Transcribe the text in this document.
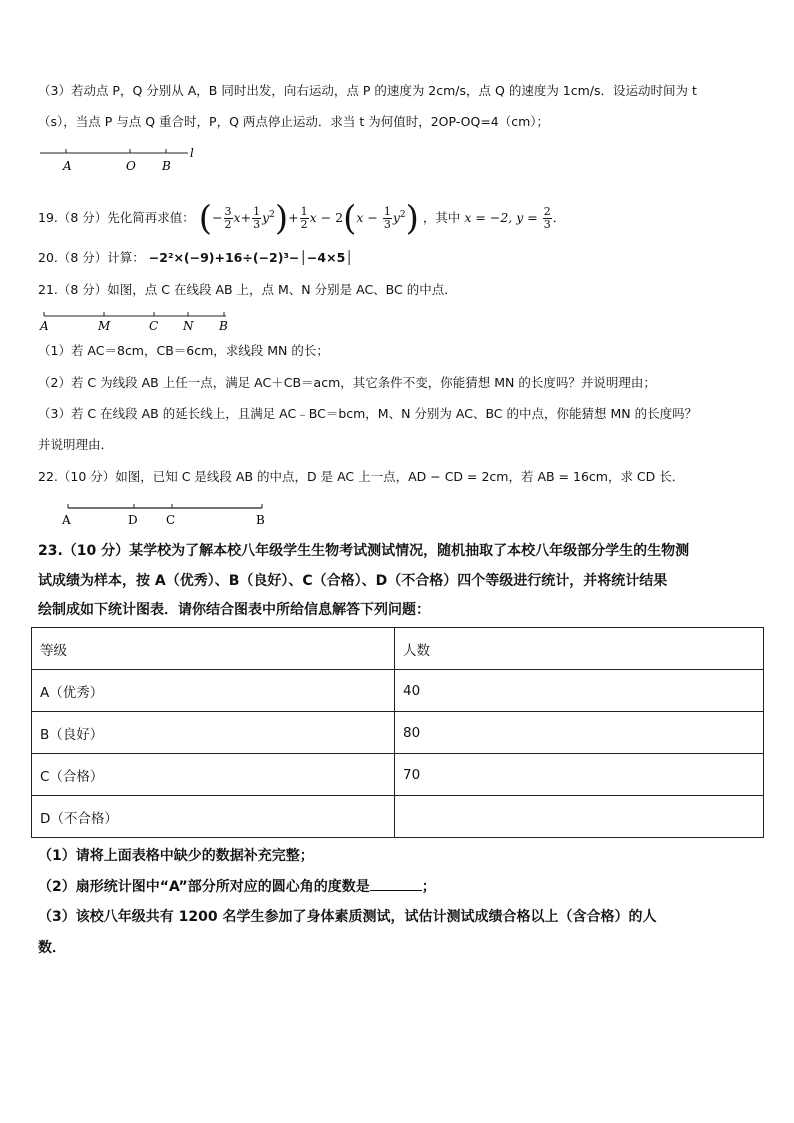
（3）若动点 P，Q 分别从 A，B 同时出发，向右运动，点 P 的速度为 2cm/s，点 Q 的速度为 1cm/s．设运动时间为 t
（s），当点 P 与点 Q 重合时，P，Q 两点停止运动．求当 t 为何值时，2OP-OQ=4（cm）；
A	O B
l
19.（8 分）先化简再求值： (− $\frac{3}{2} x+ \frac{1}{3} y^2)+ \frac{1}{2}$ $x - 2(x - \frac{1}{3} y^2)$ ，其中 x = −2, $y = \frac{2}{3}$ ．
20.（8 分）计算： −2²×(−9)+16÷(−2)³−│−4×5│
21.（8 分）如图，点 C 在线段 AB 上，点 M、N 分别是 AC、BC 的中点．
A	M	C N B
（1）若 AC＝8cm，CB＝6cm，求线段 MN 的长；
（2）若 C 为线段 AB 上任一点，满足 AC＋CB＝acm，其它条件不变，你能猜想 MN 的长度吗？并说明理由；
（3）若 C 在线段 AB 的延长线上，且满足 AC﹣BC＝bcm，M、N 分别为 AC、BC 的中点，你能猜想 MN 的长度吗？
并说明理由．
22.（10 分）如图，已知 C 是线段 AB 的中点，D 是 AC 上一点，AD − CD = 2cm，若 AB = 16cm，求 CD 长．
A	D C	B
23.（10 分）某学校为了解本校八年级学生生物考试测试情况，随机抽取了本校八年级部分学生的生物测
试成绩为样本，按 A（优秀）、B（良好）、C（合格）、D（不合格）四个等级进行统计，并将统计结果
绘制成如下统计图表．请你结合图表中所给信息解答下列问题：
等级	人数
A（优秀）	40
B（良好）	80
C（合格）	70
D（不合格）	
（1）请将上面表格中缺少的数据补充完整；
（2）扇形统计图中“A”部分所对应的圆心角的度数是	；
（3）该校八年级共有 1200 名学生参加了身体素质测试，试估计测试成绩合格以上（含合格）的人
数．
